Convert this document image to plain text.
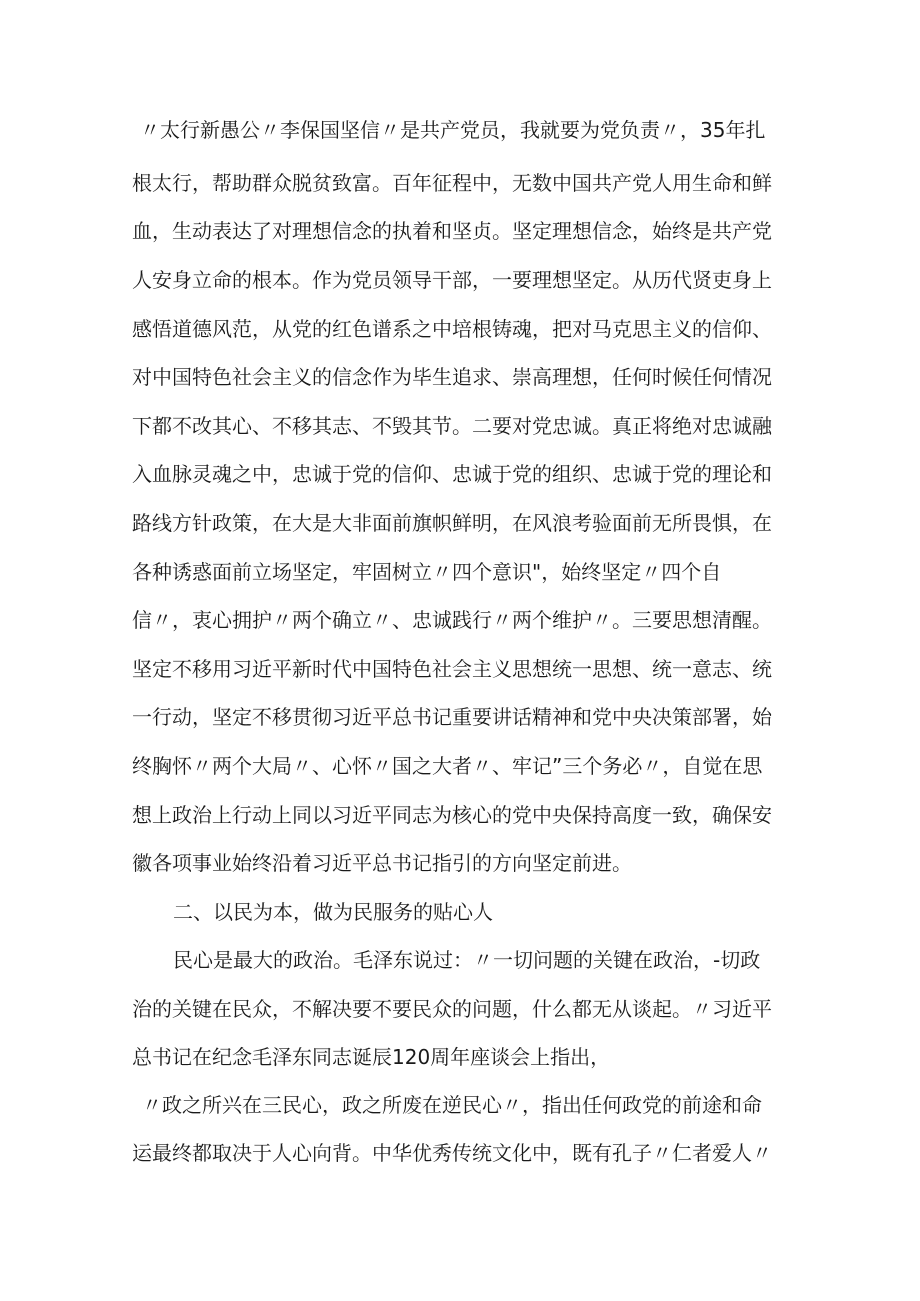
〃太行新愚公〃李保国坚信〃是共产党员，我就要为党负责〃，35年扎
根太行，帮助群众脱贫致富。百年征程中，无数中国共产党人用生命和鲜
血，生动表达了对理想信念的执着和坚贞。坚定理想信念，始终是共产党
人安身立命的根本。作为党员领导干部，一要理想坚定。从历代贤吏身上
感悟道德风范，从党的红色谱系之中培根铸魂，把对马克思主义的信仰、
对中国特色社会主义的信念作为毕生追求、崇高理想，任何时候任何情况
下都不改其心、不移其志、不毁其节。二要对党忠诚。真正将绝对忠诚融
入血脉灵魂之中，忠诚于党的信仰、忠诚于党的组织、忠诚于党的理论和
路线方针政策，在大是大非面前旗帜鲜明，在风浪考验面前无所畏惧，在
各种诱惑面前立场坚定，牢固树立〃四个意识"，始终坚定〃四个自
信〃，衷心拥护〃两个确立〃、忠诚践行〃两个维护〃。三要思想清醒。
坚定不移用习近平新时代中国特色社会主义思想统一思想、统一意志、统
一行动，坚定不移贯彻习近平总书记重要讲话精神和党中央决策部署，始
终胸怀〃两个大局〃、心怀〃国之大者〃、牢记”三个务必〃，自觉在思
想上政治上行动上同以习近平同志为核心的党中央保持高度一致，确保安
徽各项事业始终沿着习近平总书记指引的方向坚定前进。
二、以民为本，做为民服务的贴心人
民心是最大的政治。毛泽东说过：〃一切问题的关键在政治，-切政
治的关键在民众，不解决要不要民众的问题，什么都无从谈起。〃习近平
总书记在纪念毛泽东同志诞辰120周年座谈会上指出，
〃政之所兴在三民心，政之所废在逆民心〃，指出任何政党的前途和命
运最终都取决于人心向背。中华优秀传统文化中，既有孔子〃仁者爱人〃
